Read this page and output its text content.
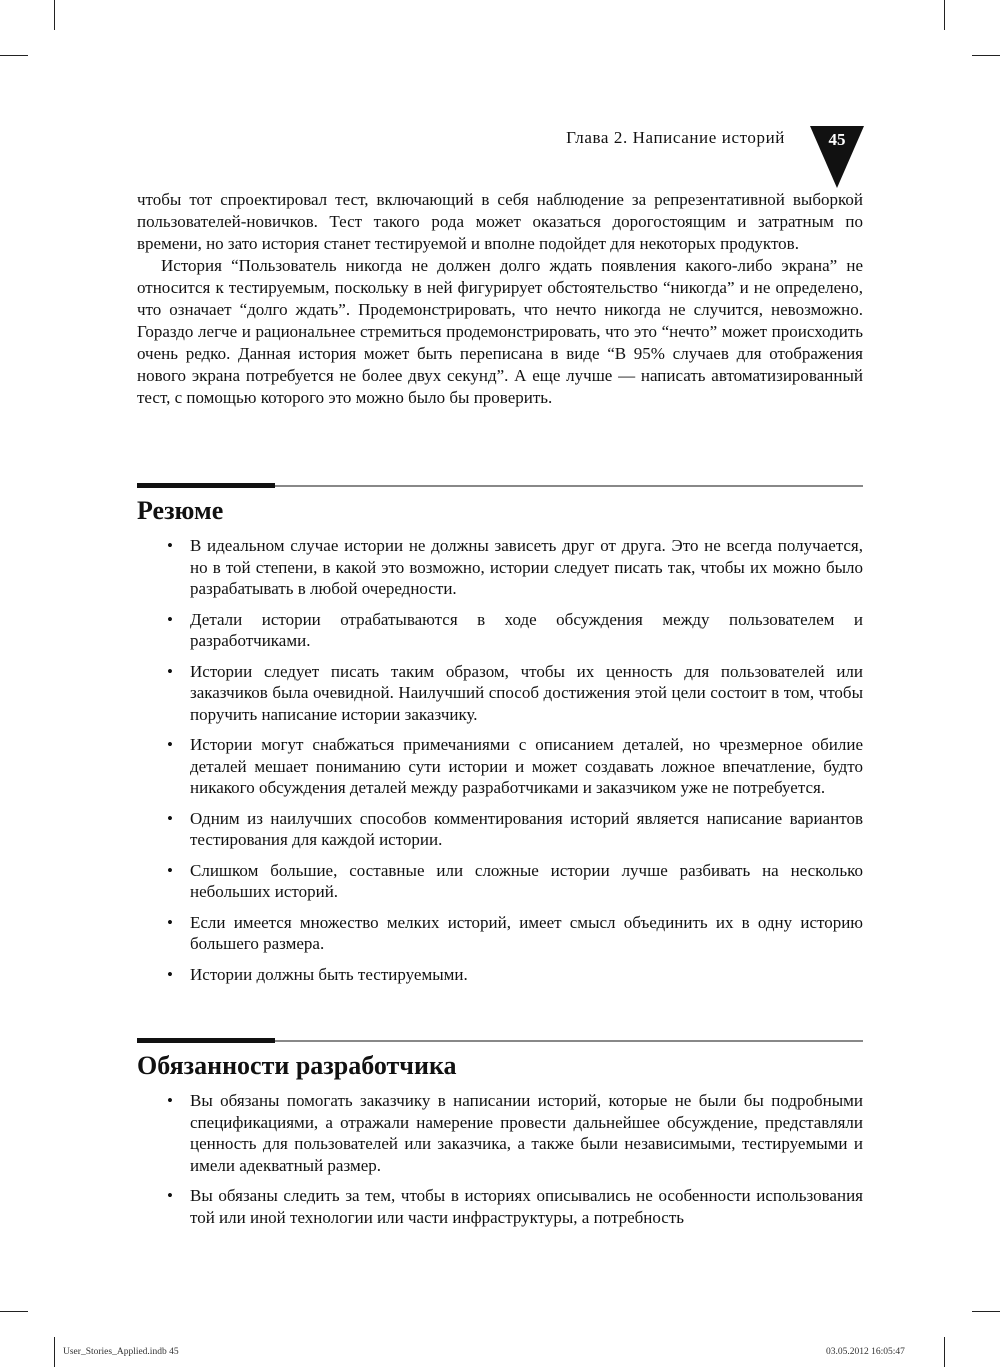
Глава 2. Написание историй	45

чтобы тот спроектировал тест, включающий в себя наблюдение за репрезентативной выборкой пользователей-новичков. Тест такого рода может оказаться дорогостоящим и затратным по времени, но зато история станет тестируемой и вполне подойдет для некоторых продуктов.

История “Пользователь никогда не должен долго ждать появления какого-либо экрана” не относится к тестируемым, поскольку в ней фигурирует обстоятельство “никогда” и не определено, что означает “долго ждать”. Продемонстрировать, что нечто никогда не случится, невозможно. Гораздо легче и рациональнее стремиться продемонстрировать, что это “нечто” может происходить очень редко. Данная история может быть переписана в виде “В 95% случаев для отображения нового экрана потребуется не более двух секунд”. А еще лучше — написать автоматизированный тест, с помощью которого это можно было бы проверить.

Резюме
• В идеальном случае истории не должны зависеть друг от друга. Это не всегда получается, но в той степени, в какой это возможно, истории следует писать так, чтобы их можно было разрабатывать в любой очередности.
• Детали истории отрабатываются в ходе обсуждения между пользователем и разработчиками.
• Истории следует писать таким образом, чтобы их ценность для пользователей или заказчиков была очевидной. Наилучший способ достижения этой цели состоит в том, чтобы поручить написание истории заказчику.
• Истории могут снабжаться примечаниями с описанием деталей, но чрезмерное обилие деталей мешает пониманию сути истории и может создавать ложное впечатление, будто никакого обсуждения деталей между разработчиками и заказчиком уже не потребуется.
• Одним из наилучших способов комментирования историй является написание вариантов тестирования для каждой истории.
• Слишком большие, составные или сложные истории лучше разбивать на несколько небольших историй.
• Если имеется множество мелких историй, имеет смысл объединить их в одну историю большего размера.
• Истории должны быть тестируемыми.
Обязанности разработчика
• Вы обязаны помогать заказчику в написании историй, которые не были бы подробными спецификациями, а отражали намерение провести дальнейшее обсуждение, представляли ценность для пользователей или заказчика, а также были независимыми, тестируемыми и имели адекватный размер.
• Вы обязаны следить за тем, чтобы в историях описывались не особенности использования той или иной технологии или части инфраструктуры, а потребность
User_Stories_Applied.indb 45	03.05.2012 16:05:47
